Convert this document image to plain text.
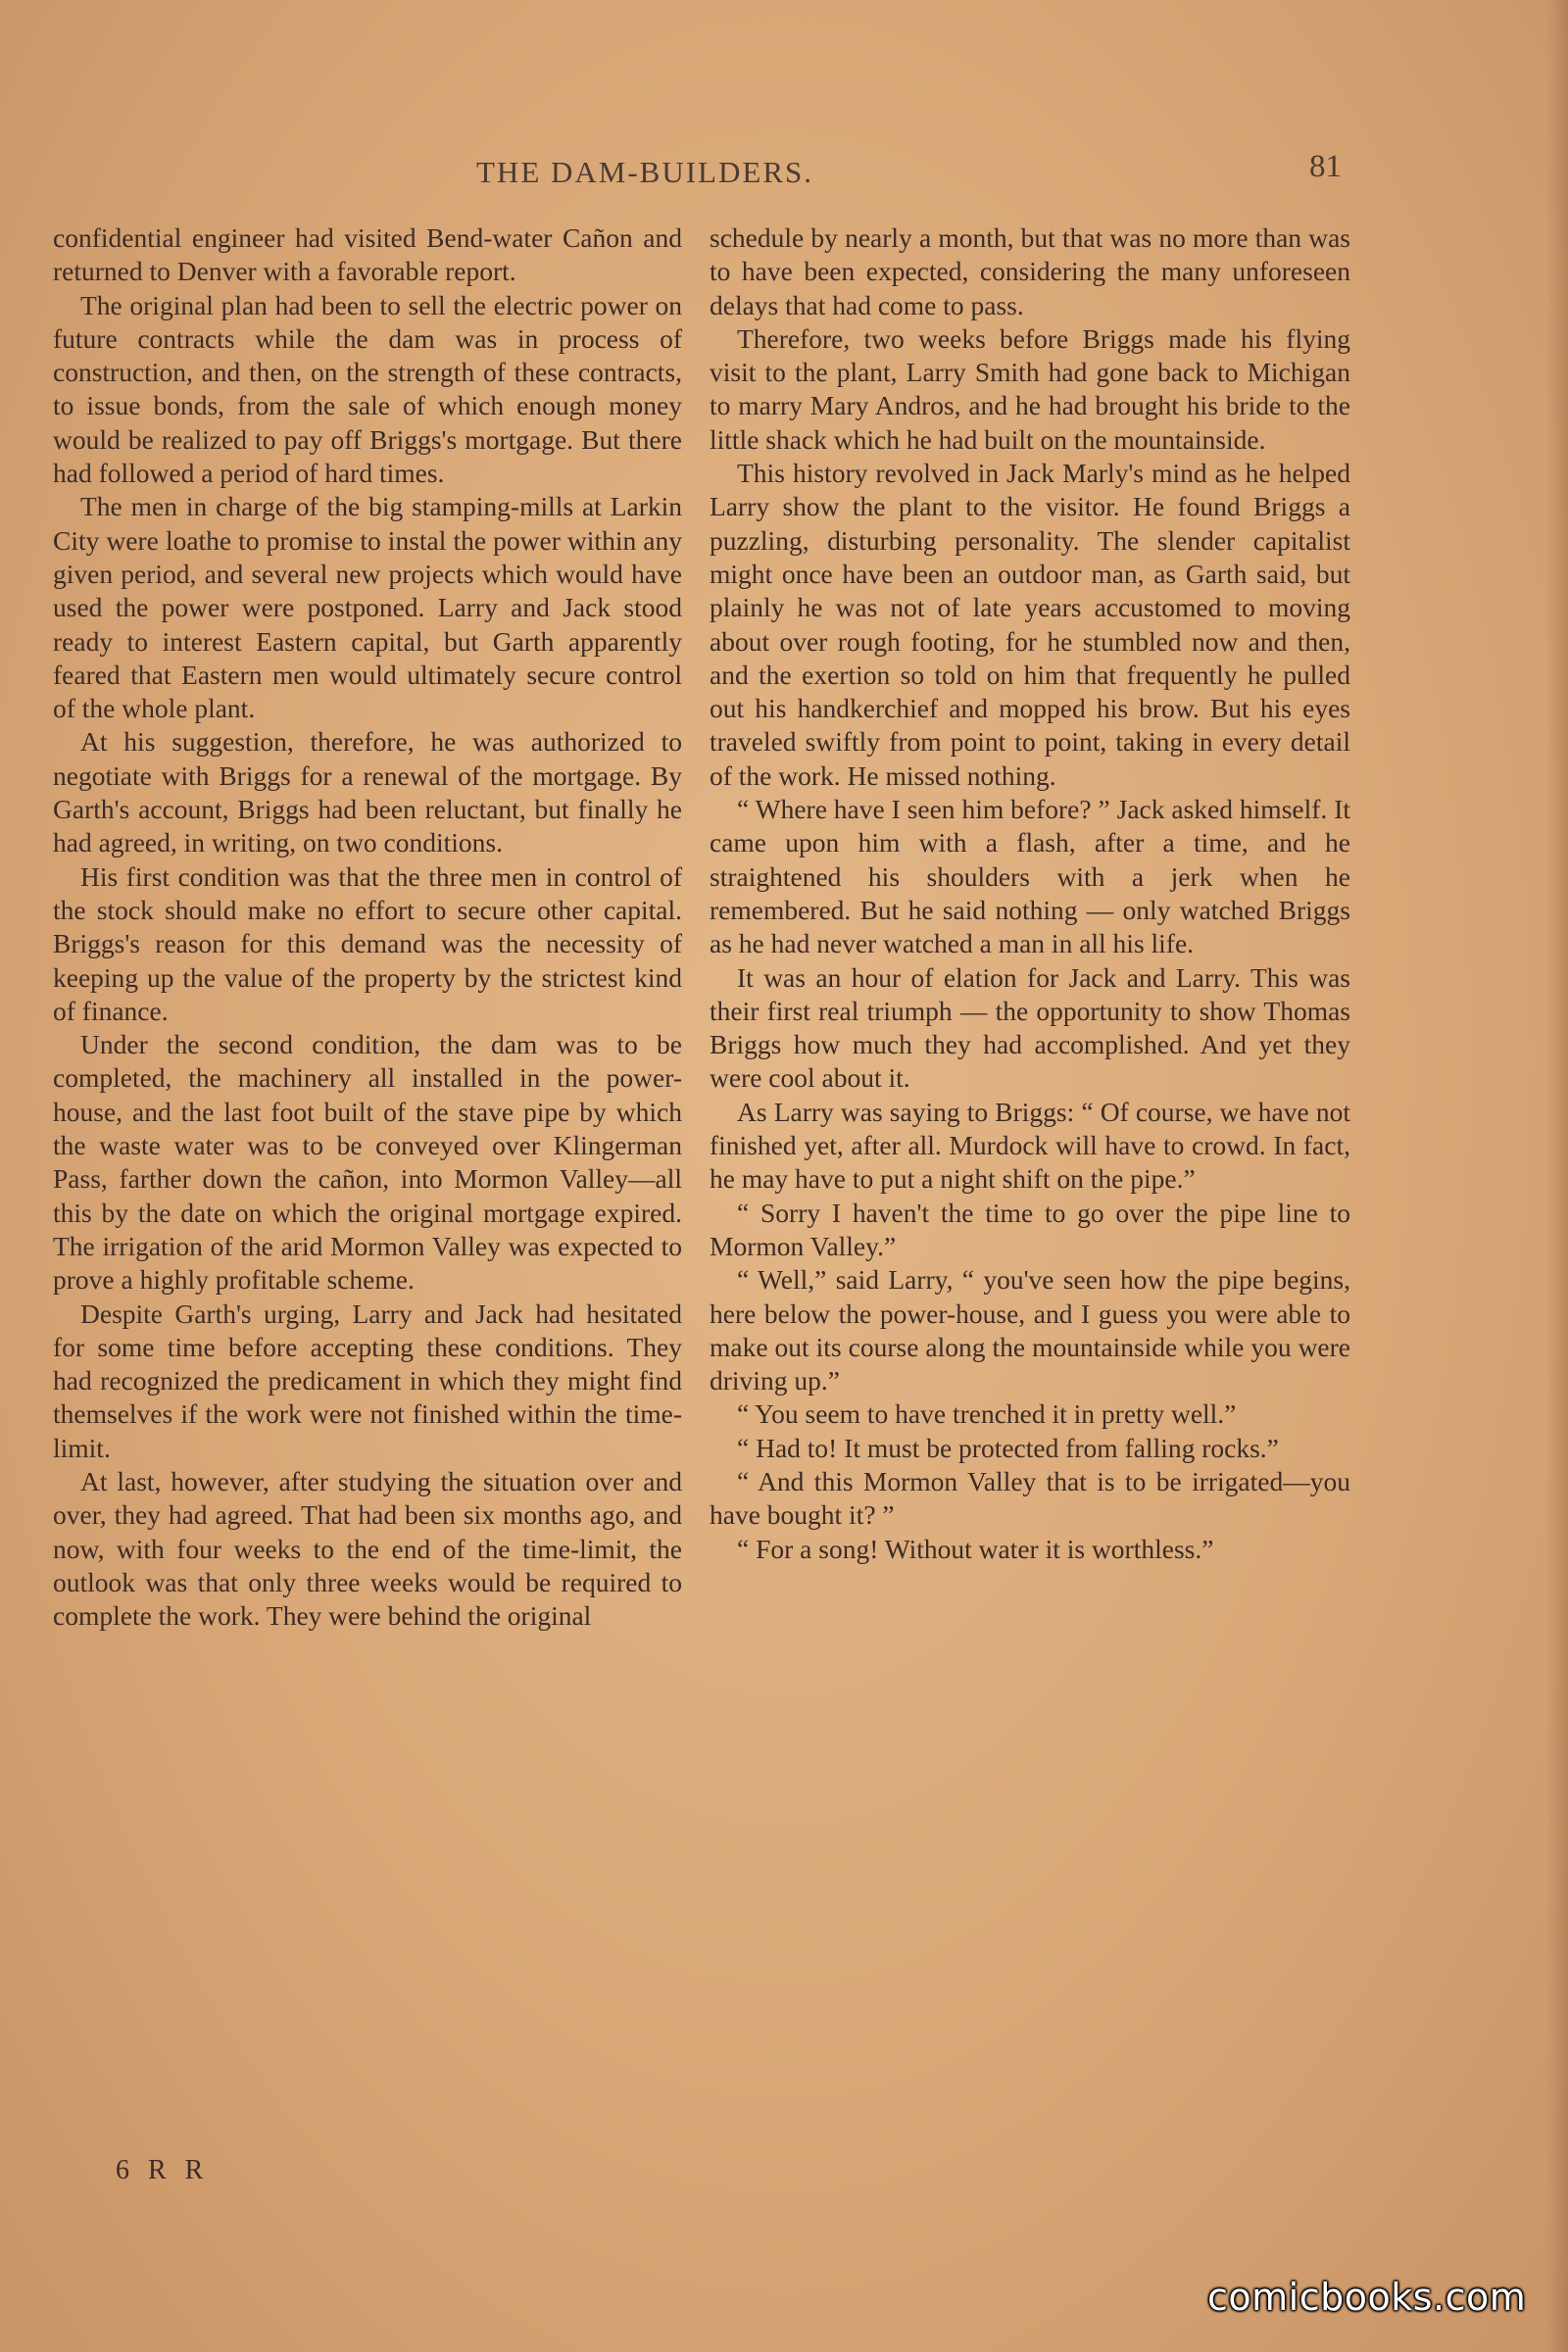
THE DAM-BUILDERS.	81

confidential engineer had visited Bend-water Cañon and returned to Denver with a favorable report.

The original plan had been to sell the electric power on future contracts while the dam was in process of construction, and then, on the strength of these contracts, to issue bonds, from the sale of which enough money would be realized to pay off Briggs's mortgage. But there had followed a period of hard times.

The men in charge of the big stamping-mills at Larkin City were loathe to promise to instal the power within any given period, and several new projects which would have used the power were postponed. Larry and Jack stood ready to interest Eastern capital, but Garth apparently feared that Eastern men would ultimately secure control of the whole plant.

At his suggestion, therefore, he was authorized to negotiate with Briggs for a renewal of the mortgage. By Garth's account, Briggs had been reluctant, but finally he had agreed, in writing, on two conditions.

His first condition was that the three men in control of the stock should make no effort to secure other capital. Briggs's reason for this demand was the necessity of keeping up the value of the property by the strictest kind of finance.

Under the second condition, the dam was to be completed, the machinery all installed in the power-house, and the last foot built of the stave pipe by which the waste water was to be conveyed over Klingerman Pass, farther down the cañon, into Mormon Valley—all this by the date on which the original mortgage expired. The irrigation of the arid Mormon Valley was expected to prove a highly profitable scheme.

Despite Garth's urging, Larry and Jack had hesitated for some time before accepting these conditions. They had recognized the predicament in which they might find themselves if the work were not finished within the time-limit.

At last, however, after studying the situation over and over, they had agreed. That had been six months ago, and now, with four weeks to the end of the time-limit, the outlook was that only three weeks would be required to complete the work. They were behind the original

schedule by nearly a month, but that was no more than was to have been expected, considering the many unforeseen delays that had come to pass.

Therefore, two weeks before Briggs made his flying visit to the plant, Larry Smith had gone back to Michigan to marry Mary Andros, and he had brought his bride to the little shack which he had built on the mountainside.

This history revolved in Jack Marly's mind as he helped Larry show the plant to the visitor. He found Briggs a puzzling, disturbing personality. The slender capitalist might once have been an outdoor man, as Garth said, but plainly he was not of late years accustomed to moving about over rough footing, for he stumbled now and then, and the exertion so told on him that frequently he pulled out his handkerchief and mopped his brow. But his eyes traveled swiftly from point to point, taking in every detail of the work. He missed nothing.

“ Where have I seen him before? ” Jack asked himself. It came upon him with a flash, after a time, and he straightened his shoulders with a jerk when he remembered. But he said nothing — only watched Briggs as he had never watched a man in all his life.

It was an hour of elation for Jack and Larry. This was their first real triumph — the opportunity to show Thomas Briggs how much they had accomplished. And yet they were cool about it.

As Larry was saying to Briggs: “ Of course, we have not finished yet, after all. Murdock will have to crowd. In fact, he may have to put a night shift on the pipe.”

“ Sorry I haven't the time to go over the pipe line to Mormon Valley.”

“ Well,” said Larry, “ you've seen how the pipe begins, here below the power-house, and I guess you were able to make out its course along the mountainside while you were driving up.”

“ You seem to have trenched it in pretty well.”

“ Had to! It must be protected from falling rocks.”

“ And this Mormon Valley that is to be irrigated—you have bought it? ”

“ For a song! Without water it is worthless.”

6 R R
comicbooks.com
